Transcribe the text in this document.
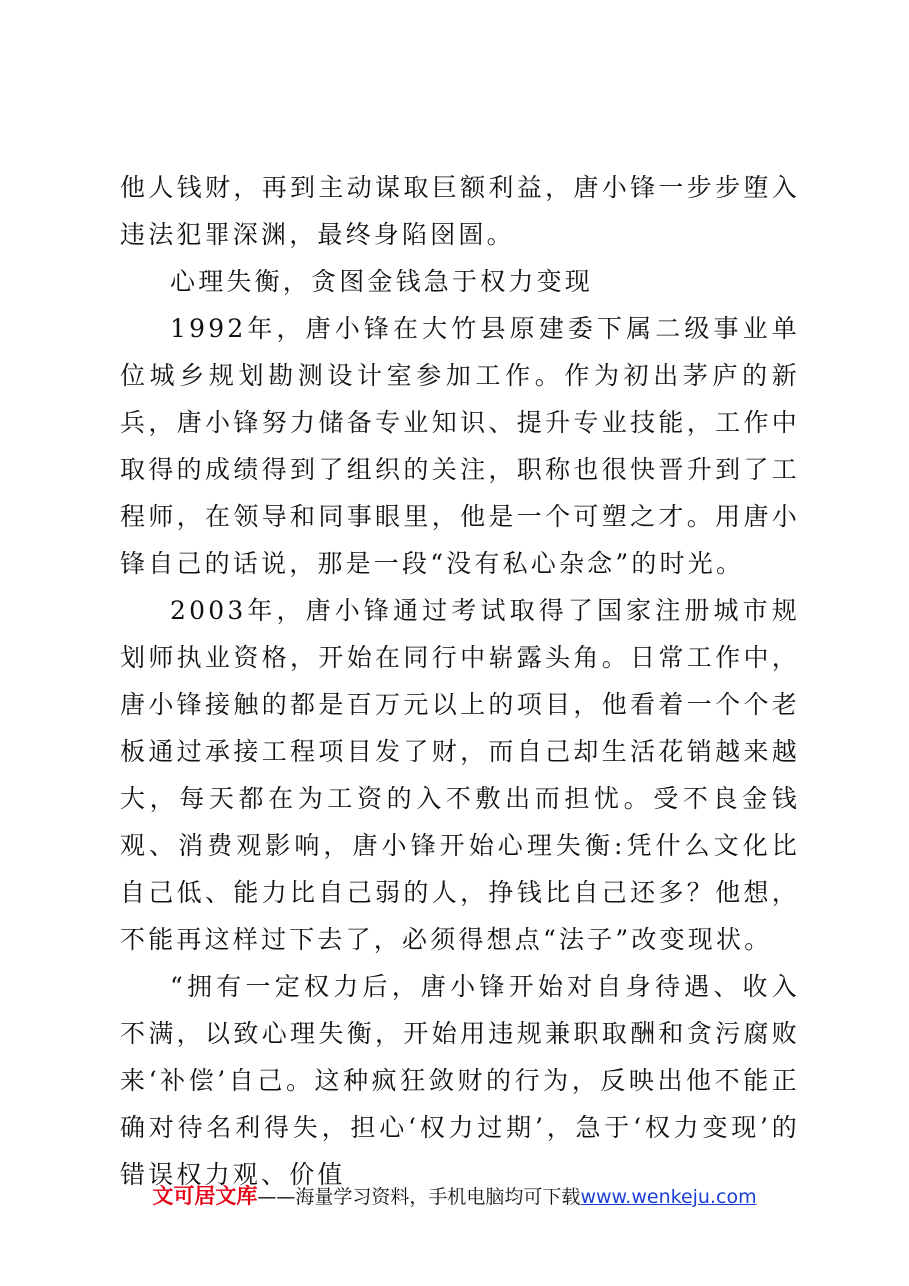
他人钱财，再到主动谋取巨额利益，唐小锋一步步堕入违法犯罪深渊，最终身陷囹圄。

心理失衡，贪图金钱急于权力变现

1992年，唐小锋在大竹县原建委下属二级事业单位城乡规划勘测设计室参加工作。作为初出茅庐的新兵，唐小锋努力储备专业知识、提升专业技能，工作中取得的成绩得到了组织的关注，职称也很快晋升到了工程师，在领导和同事眼里，他是一个可塑之才。用唐小锋自己的话说，那是一段“没有私心杂念”的时光。

2003年，唐小锋通过考试取得了国家注册城市规划师执业资格，开始在同行中崭露头角。日常工作中，唐小锋接触的都是百万元以上的项目，他看着一个个老板通过承接工程项目发了财，而自己却生活花销越来越大，每天都在为工资的入不敷出而担忧。受不良金钱观、消费观影响，唐小锋开始心理失衡:凭什么文化比自己低、能力比自己弱的人，挣钱比自己还多？他想，不能再这样过下去了，必须得想点“法子”改变现状。

“拥有一定权力后，唐小锋开始对自身待遇、收入不满，以致心理失衡，开始用违规兼职取酬和贪污腐败来‘补偿’自己。这种疯狂敛财的行为，反映出他不能正确对待名利得失，担心‘权力过期’，急于‘权力变现’的错误权力观、价值

文可居文库——海量学习资料，手机电脑均可下载www.wenkeju.com
